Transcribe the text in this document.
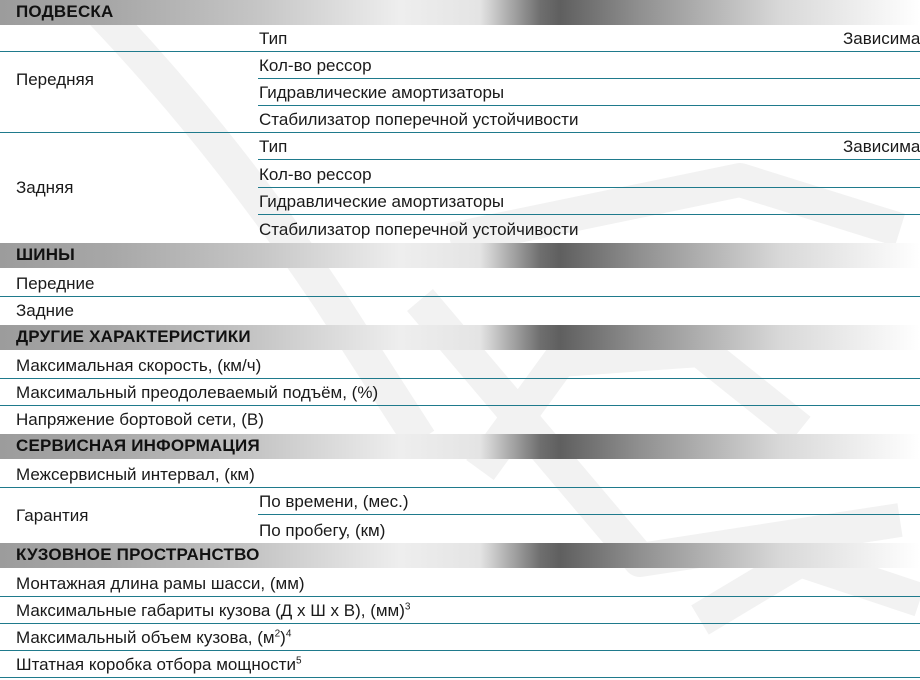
ПОДВЕСКА
Передняя
Тип	Зависима
Кол-во рессор
Гидравлические амортизаторы
Стабилизатор поперечной устойчивости
Задняя
Тип	Зависима
Кол-во рессор
Гидравлические амортизаторы
Стабилизатор поперечной устойчивости
ШИНЫ
Передние
Задние
ДРУГИЕ ХАРАКТЕРИСТИКИ
Максимальная скорость, (км/ч)
Максимальный преодолеваемый подъём, (%)
Напряжение бортовой сети, (В)
СЕРВИСНАЯ ИНФОРМАЦИЯ
Межсервисный интервал, (км)
Гарантия
По времени, (мес.)
По пробегу, (км)
КУЗОВНОЕ ПРОСТРАНСТВО
Монтажная длина рамы шасси, (мм)
Максимальные габариты кузова (Д х Ш х В), (мм)$^3$
Максимальный объем кузова, $(м^2)^4$
Штатная коробка отбора мощности$^5$
